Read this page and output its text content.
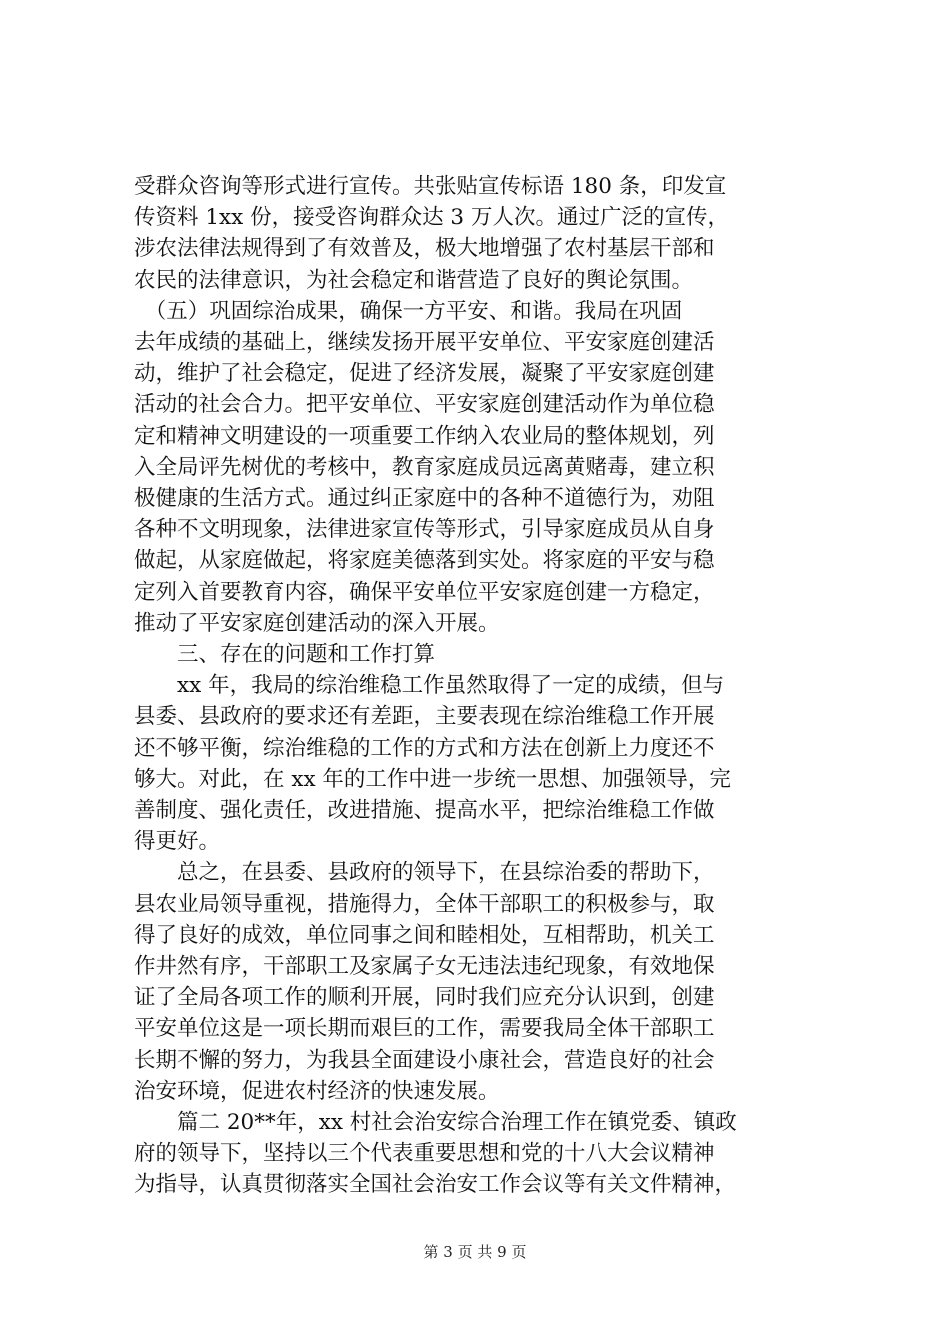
受群众咨询等形式进行宣传。共张贴宣传标语 180 条，印发宣
传资料 1xx 份，接受咨询群众达 3 万人次。通过广泛的宣传，
涉农法律法规得到了有效普及，极大地增强了农村基层干部和
农民的法律意识，为社会稳定和谐营造了良好的舆论氛围。
　（五）巩固综治成果，确保一方平安、和谐。我局在巩固
去年成绩的基础上，继续发扬开展平安单位、平安家庭创建活
动，维护了社会稳定，促进了经济发展，凝聚了平安家庭创建
活动的社会合力。把平安单位、平安家庭创建活动作为单位稳
定和精神文明建设的一项重要工作纳入农业局的整体规划，列
入全局评先树优的考核中，教育家庭成员远离黄赌毒，建立积
极健康的生活方式。通过纠正家庭中的各种不道德行为，劝阻
各种不文明现象，法律进家宣传等形式，引导家庭成员从自身
做起，从家庭做起，将家庭美德落到实处。将家庭的平安与稳
定列入首要教育内容，确保平安单位平安家庭创建一方稳定，
推动了平安家庭创建活动的深入开展。
　　三、存在的问题和工作打算
　　xx 年，我局的综治维稳工作虽然取得了一定的成绩，但与
县委、县政府的要求还有差距，主要表现在综治维稳工作开展
还不够平衡，综治维稳的工作的方式和方法在创新上力度还不
够大。对此，在 xx 年的工作中进一步统一思想、加强领导，完
善制度、强化责任，改进措施、提高水平，把综治维稳工作做
得更好。
　　总之，在县委、县政府的领导下，在县综治委的帮助下，
县农业局领导重视，措施得力，全体干部职工的积极参与，取
得了良好的成效，单位同事之间和睦相处，互相帮助，机关工
作井然有序，干部职工及家属子女无违法违纪现象，有效地保
证了全局各项工作的顺利开展，同时我们应充分认识到，创建
平安单位这是一项长期而艰巨的工作，需要我局全体干部职工
长期不懈的努力，为我县全面建设小康社会，营造良好的社会
治安环境，促进农村经济的快速发展。
　　篇二 20**年，xx 村社会治安综合治理工作在镇党委、镇政
府的领导下，坚持以三个代表重要思想和党的十八大会议精神
为指导，认真贯彻落实全国社会治安工作会议等有关文件精神，
第 3 页 共 9 页
